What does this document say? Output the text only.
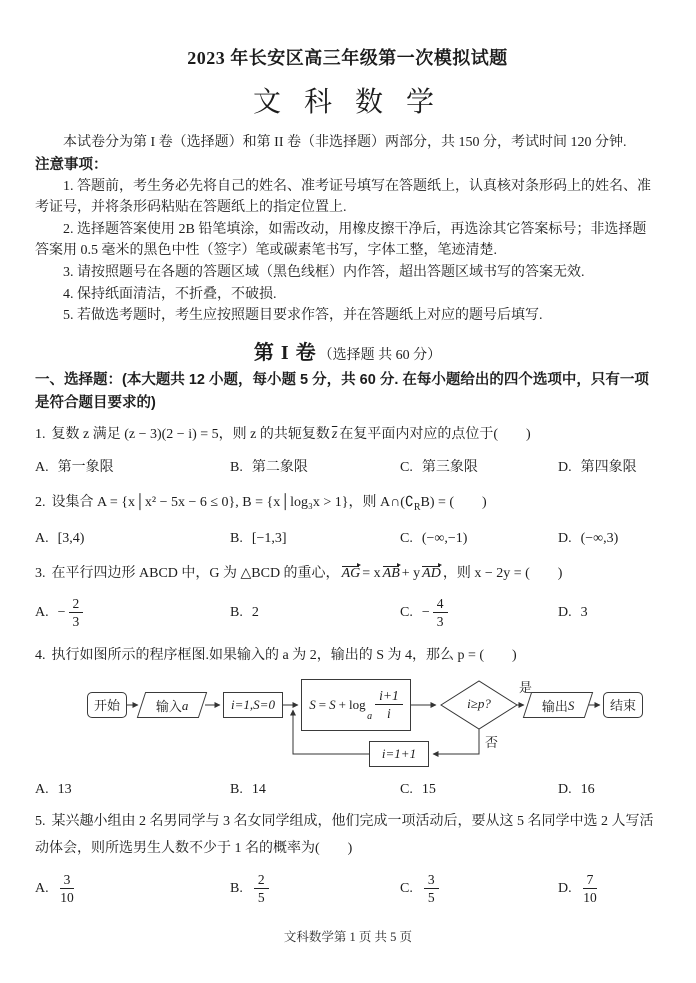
2023 年长安区高三年级第一次模拟试题
文 科 数 学

本试卷分为第 I 卷（选择题）和第 II 卷（非选择题）两部分，共 150 分，考试时间 120 分钟.

注意事项：

1. 答题前，考生务必先将自己的姓名、准考证号填写在答题纸上，认真核对条形码上的姓名、准考证号，并将条形码粘贴在答题纸上的指定位置上.

2. 选择题答案使用 2B 铅笔填涂，如需改动，用橡皮擦干净后，再选涂其它答案标号；非选择题答案用 0.5 毫米的黑色中性（签字）笔或碳素笔书写，字体工整，笔迹清楚.

3. 请按照题号在各题的答题区域（黑色线框）内作答，超出答题区域书写的答案无效.

4. 保持纸面清洁，不折叠，不破损.

5. 若做选考题时，考生应按照题目要求作答，并在答题纸上对应的题号后填写.

第 I 卷 （选择题 共 60 分）

一、选择题：(本大题共 12 小题，每小题 5 分，共 60 分. 在每小题给出的四个选项中，只有一项是符合题目要求的)

1. 复数 z 满足 (z − 3)(2 − i) = 5，则 z 的共轭复数 $\overline{z}$ 在复平面内对应的点位于(　　)

A. 第一象限	B. 第二象限	C. 第三象限	D. 第四象限

2. 设集合 A = {x│x² − 5x − 6 ≤ 0}, B = {x│log₃x > 1}，则 $A\cap(∁_RB)$ = (　　)

A. [3,4)	B. [−1,3]	C. (−∞,−1)	D. (−∞,3)

3. 在平行四边形 ABCD 中，G 为 △BCD 的重心， AG = x AB + y AD ，则 x − 2y = (　　)

A. − $\frac{2}{3}$	B. 2	C. − $\frac{4}{3}$	D. 3

4. 执行如图所示的程序框图.如果输入的 a 为 2，输出的 S 为 4，那么 p = (　　)

开始	输入 a	i=1,S=0	S = S + log
$_a \frac{i+1}{i}$	i≥p?
是
输出 S	结束
否
i=1+1
A. 13	B. 14	C. 15	D. 16

5. 某兴趣小组由 2 名男同学与 3 名女同学组成，他们完成一项活动后，要从这 5 名同学中选 2 人写活动体会，则所选男生人数不少于 1 名的概率为(　　)

A. $\frac{3}{10}$	B. $\frac{2}{5}$	C. $\frac{3}{5}$	D. $\frac{7}{10}$
文科数学第 1 页 共 5 页
